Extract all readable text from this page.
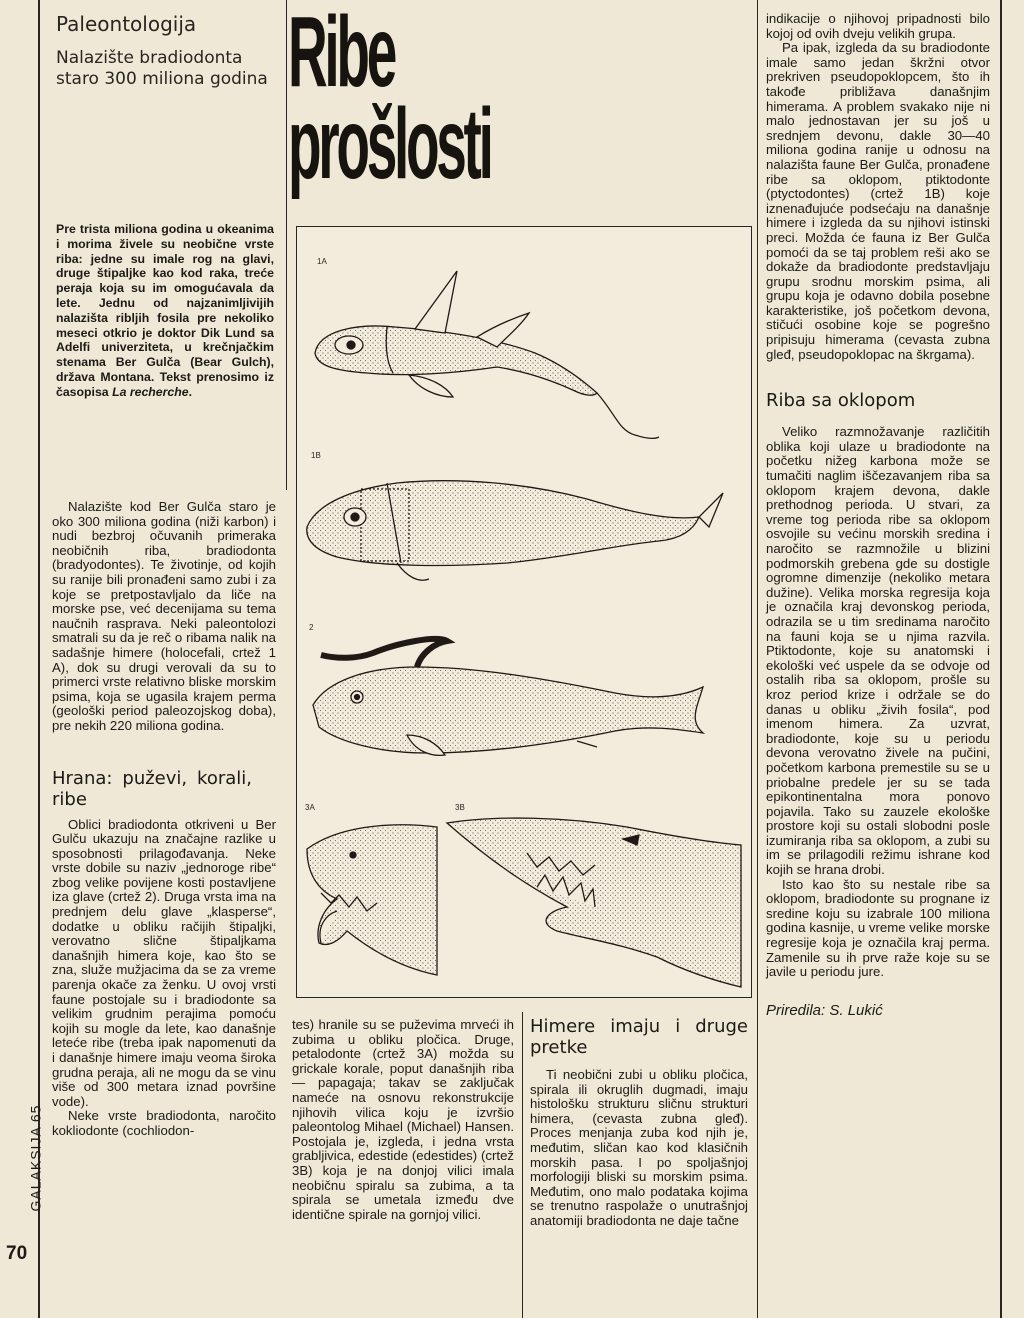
Paleontologija
Nalazište bradiodonta staro 300 miliona godina Ribe
prošlosti
Pre trista miliona godina u okeanima i morima živele su neobične vrste riba: jedne su imale rog na glavi, druge štipaljke kao kod raka, treće peraja koja su im omogućavala da lete. Jednu od najzanimljivijih nalazišta ribljih fosila pre nekoliko meseci otkrio je doktor Dik Lund sa Adelfi univerziteta, u krečnjačkim stenama Ber Gulča (Bear Gulch), država Montana. Tekst prenosimo iz časopisa La recherche.

Nalazište kod Ber Gulča staro je oko 300 miliona godina (niži karbon) i nudi bezbroj očuvanih primeraka neobičnih riba, bradiodonta (bradyodontes). Te životinje, od kojih su ranije bili pronađeni samo zubi i za koje se pretpostavljalo da liče na morske pse, već decenijama su tema naučnih rasprava. Neki paleontolozi smatrali su da je reč o ribama nalik na sadašnje himere (holocefali, crtež 1 A), dok su drugi verovali da su to primerci vrste relativno bliske morskim psima, koja se ugasila krajem perma (geološki period paleozojskog doba), pre nekih 220 miliona godina.

Hrana: puževi, korali, ribe

Oblici bradiodonta otkriveni u Ber Gulču ukazuju na značajne razlike u sposobnosti prilagođavanja. Neke vrste dobile su naziv „jednoroge ribe“ zbog velike povijene kosti postavljene iza glave (crtež 2). Druga vrsta ima na prednjem delu glave „klasperse“, dodatke u obliku račijih štipaljki, verovatno slične štipaljkama današnjih himera koje, kao što se zna, služe mužjacima da se za vreme parenja okače za ženku. U ovoj vrsti faune postojale su i bradiodonte sa velikim grudnim perajima pomoću kojih su mogle da lete, kao današnje leteće ribe (treba ipak napomenuti da i današnje himere imaju veoma široka grudna peraja, ali ne mogu da se vinu više od 300 metara iznad površine vode).

Neke vrste bradiodonta, naročito kokliodonte (cochliodon-

1A
1B
2
3A	3B

tes) hranile su se puževima mrvеći ih zubima u obliku pločica. Druge, petalodonte (crtež 3A) možda su grickale korale, poput današnjih riba — papagaja; takav se zaključak nameće na osnovu rekonstrukcije njihovih vilica koju je izvršio paleontolog Mihael (Michael) Hansen. Postojala je, izgleda, i jedna vrsta grabljivica, edestide (edestides) (crtež 3B) koja je na donjoj vilici imala neobičnu spiralu sa zubima, a ta spirala se umetala između dve identične spirale na gornjoj vilici.

Himere imaju i druge pretke

Ti neobični zubi u obliku pločica, spirala ili okruglih dugmadi, imaju histološku strukturu sličnu strukturi himera, (cevasta zubna gleđ). Proces menjanja zuba kod njih je, međutim, sličan kao kod klasičnih morskih pasa. I po spoljašnjoj morfologiji bliski su morskim psima. Međutim, ono malo podataka kojima se trenutno raspolaže o unutrašnjoj anatomiji bradiodonta ne daje tačne

indikacije o njihovoj pripadnosti bilo kojoj od ovih dveju velikih grupa.

Pa ipak, izgleda da su bradiodonte imale samo jedan škržni otvor prekriven pseudopoklopcem, što ih takođe približava današnjim himerama. A problem svakako nije ni malo jednostavan jer su još u srednjem devonu, dakle 30—40 miliona godina ranije u odnosu na nalazišta faune Ber Gulča, pronađene ribe sa oklopom, ptiktodonte (ptyctodontes) (crtež 1B) koje iznenađujuće podsećaju na današnje himere i izgleda da su njihovi istinski preci. Možda će fauna iz Ber Gulča pomoći da se taj problem reši ako se dokaže da bradiodonte predstavljaju grupu srodnu morskim psima, ali grupu koja je odavno dobila posebne karakteristike, još početkom devona, stičući osobine koje se pogrešno pripisuju himerama (cevasta zubna gleđ, pseudopoklopac na škrgama).

Riba sa oklopom

Veliko razmnožavanje različitih oblika koji ulaze u bradiodonte na početku nižeg karbona može se tumačiti naglim iščezavanjem riba sa oklopom krajem devona, dakle prethodnog perioda. U stvari, za vreme tog perioda ribe sa oklopom osvojile su većinu morskih sredina i naročito se razmnožile u blizini podmorskih grebena gde su dostigle ogromne dimenzije (nekoliko metara dužine). Velika morska regresija koja je označila kraj devonskog perioda, odrazila se u tim sredinama naročito na fauni koja se u njima razvila. Ptiktodonte, koje su anatomski i ekološki već uspele da se odvoje od ostalih riba sa oklopom, prošle su kroz period krize i održale se do danas u obliku „živih fosila“, pod imenom himera. Za uzvrat, bradiodonte, koje su u periodu devona verovatno živele na pučini, početkom karbona premestile su se u priobalne predele jer su se tada epikontinentalna mora ponovo pojavila. Tako su zauzele ekološke prostore koji su ostali slobodni posle izumiranja riba sa oklopom, a zubi su im se prilagodili režimu ishrane kod kojih se hrana drobi.

Isto kao što su nestale ribe sa oklopom, bradiodonte su prognane iz sredine koju su izabrale 100 miliona godina kasnije, u vreme velike morske regresije koja je označila kraj perma. Zamenile su ih prve raže koje su se javile u periodu jure.

Priredila: S. Lukić
GALAKSIJA 65
70
